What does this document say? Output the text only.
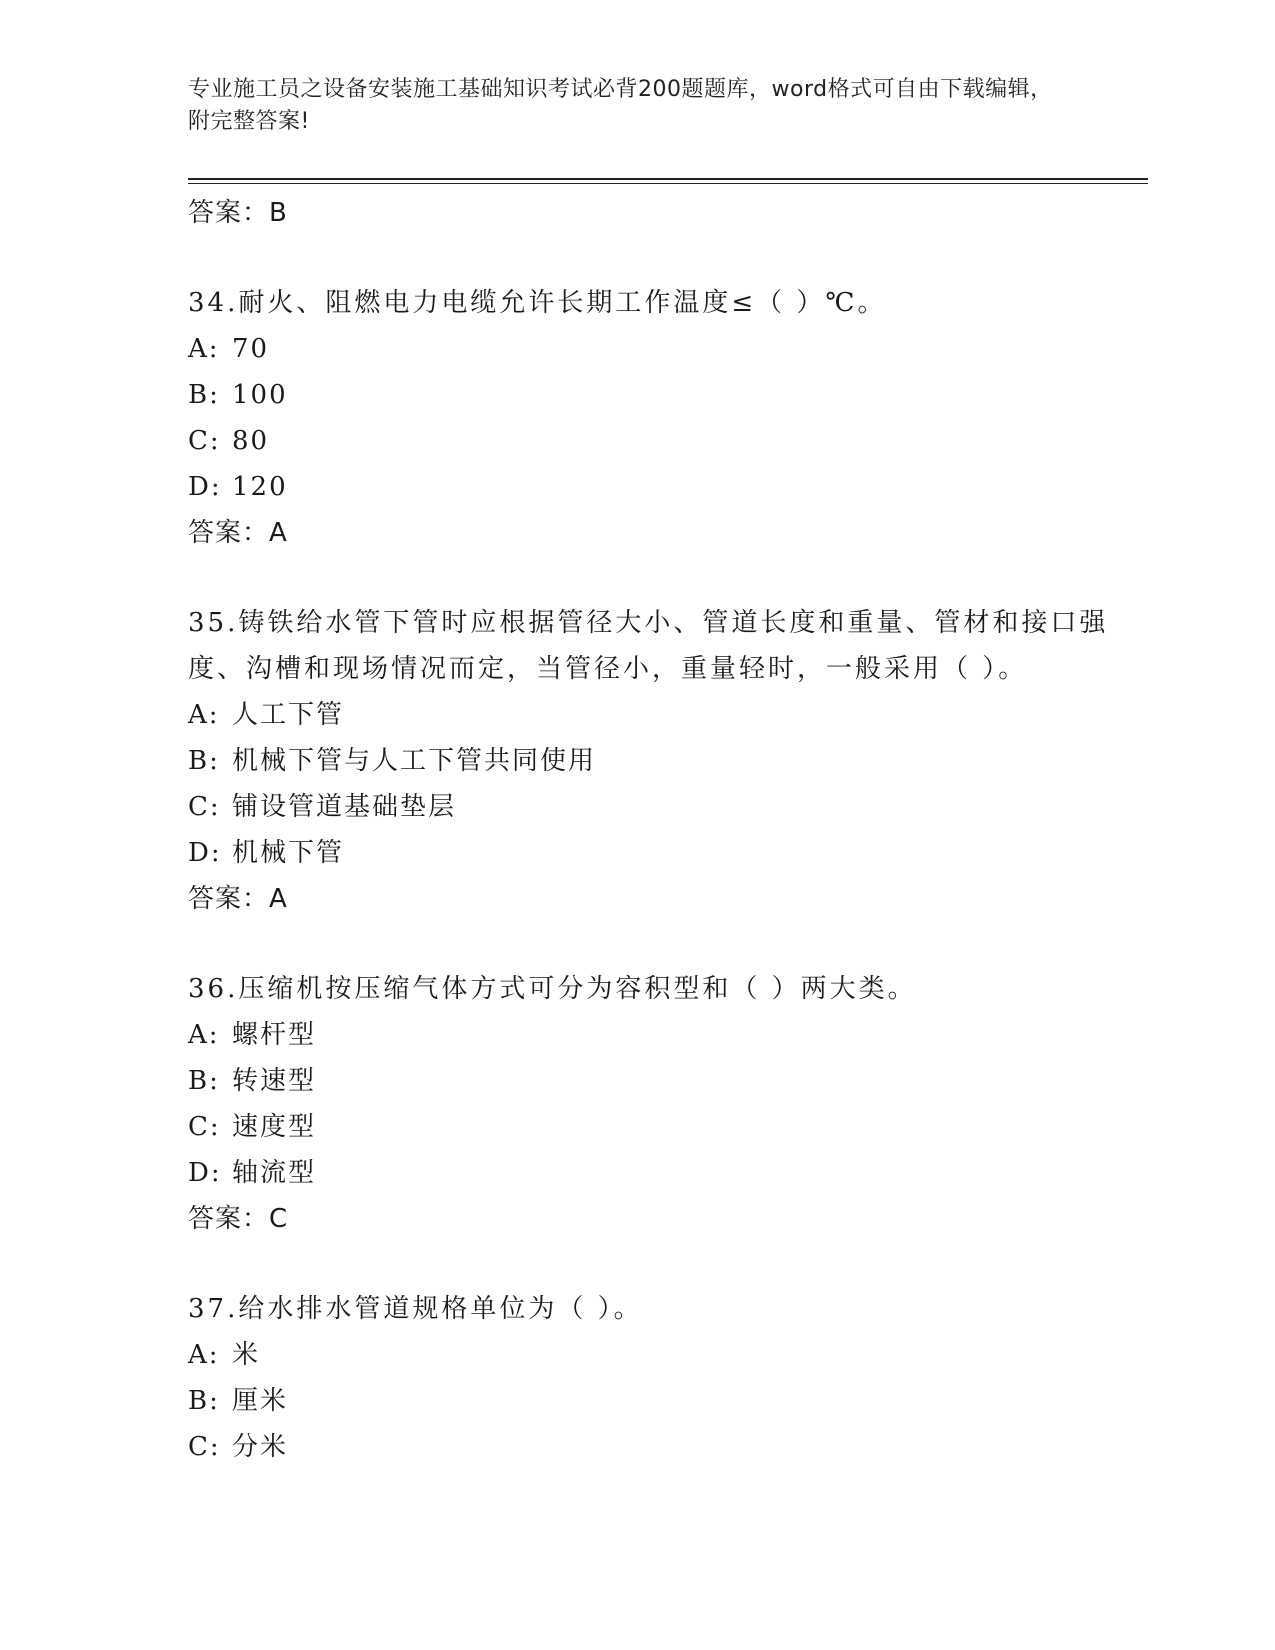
专业施工员之设备安装施工基础知识考试必背200题题库，word格式可自由下载编辑，附完整答案!
答案：B
34.耐火、阻燃电力电缆允许长期工作温度≤（ ）℃。
A: 70
B: 100
C: 80
D: 120
答案：A
35.铸铁给水管下管时应根据管径大小、管道长度和重量、管材和接口强度、沟槽和现场情况而定，当管径小，重量轻时，一般采用（ ）。
A: 人工下管
B: 机械下管与人工下管共同使用
C: 铺设管道基础垫层
D: 机械下管
答案：A
36.压缩机按压缩气体方式可分为容积型和（ ）两大类。
A: 螺杆型
B: 转速型
C: 速度型
D: 轴流型
答案：C
37.给水排水管道规格单位为（ ）。
A: 米
B: 厘米
C: 分米
